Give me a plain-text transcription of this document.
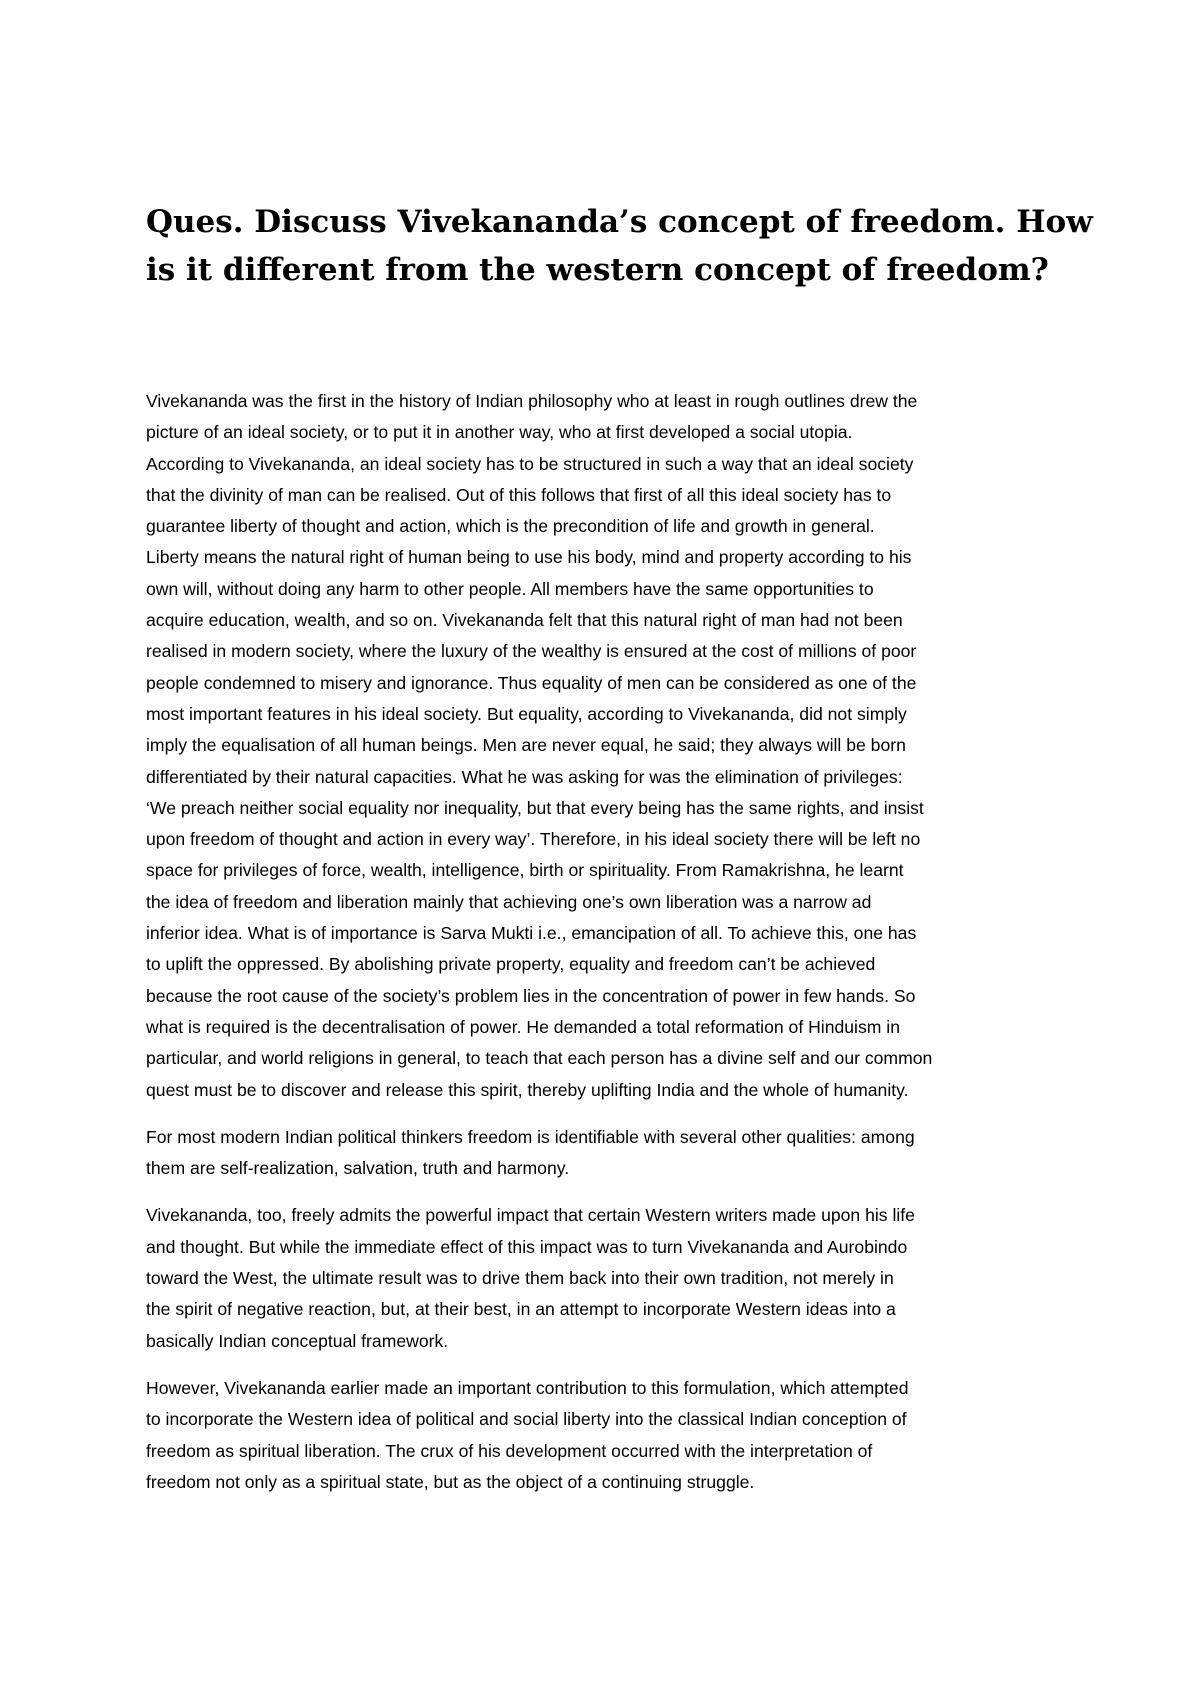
Ques. Discuss Vivekananda’s concept of freedom. How
is it different from the western concept of freedom?

Vivekananda was the first in the history of Indian philosophy who at least in rough outlines drew the
picture of an ideal society, or to put it in another way, who at first developed a social utopia.
According to Vivekananda, an ideal society has to be structured in such a way that an ideal society
that the divinity of man can be realised. Out of this follows that first of all this ideal society has to
guarantee liberty of thought and action, which is the precondition of life and growth in general.
Liberty means the natural right of human being to use his body, mind and property according to his
own will, without doing any harm to other people. All members have the same opportunities to
acquire education, wealth, and so on. Vivekananda felt that this natural right of man had not been
realised in modern society, where the luxury of the wealthy is ensured at the cost of millions of poor
people condemned to misery and ignorance. Thus equality of men can be considered as one of the
most important features in his ideal society. But equality, according to Vivekananda, did not simply
imply the equalisation of all human beings. Men are never equal, he said; they always will be born
differentiated by their natural capacities. What he was asking for was the elimination of privileges:
‘We preach neither social equality nor inequality, but that every being has the same rights, and insist
upon freedom of thought and action in every way’. Therefore, in his ideal society there will be left no
space for privileges of force, wealth, intelligence, birth or spirituality. From Ramakrishna, he learnt
the idea of freedom and liberation mainly that achieving one’s own liberation was a narrow ad
inferior idea. What is of importance is Sarva Mukti i.e., emancipation of all. To achieve this, one has
to uplift the oppressed. By abolishing private property, equality and freedom can’t be achieved
because the root cause of the society’s problem lies in the concentration of power in few hands. So
what is required is the decentralisation of power. He demanded a total reformation of Hinduism in
particular, and world religions in general, to teach that each person has a divine self and our common
quest must be to discover and release this spirit, thereby uplifting India and the whole of humanity.

For most modern Indian political thinkers freedom is identifiable with several other qualities: among
them are self-realization, salvation, truth and harmony.

Vivekananda, too, freely admits the powerful impact that certain Western writers made upon his life
and thought. But while the immediate effect of this impact was to turn Vivekananda and Aurobindo
toward the West, the ultimate result was to drive them back into their own tradition, not merely in
the spirit of negative reaction, but, at their best, in an attempt to incorporate Western ideas into a
basically Indian conceptual framework.

However, Vivekananda earlier made an important contribution to this formulation, which attempted
to incorporate the Western idea of political and social liberty into the classical Indian conception of
freedom as spiritual liberation. The crux of his development occurred with the interpretation of
freedom not only as a spiritual state, but as the object of a continuing struggle.
